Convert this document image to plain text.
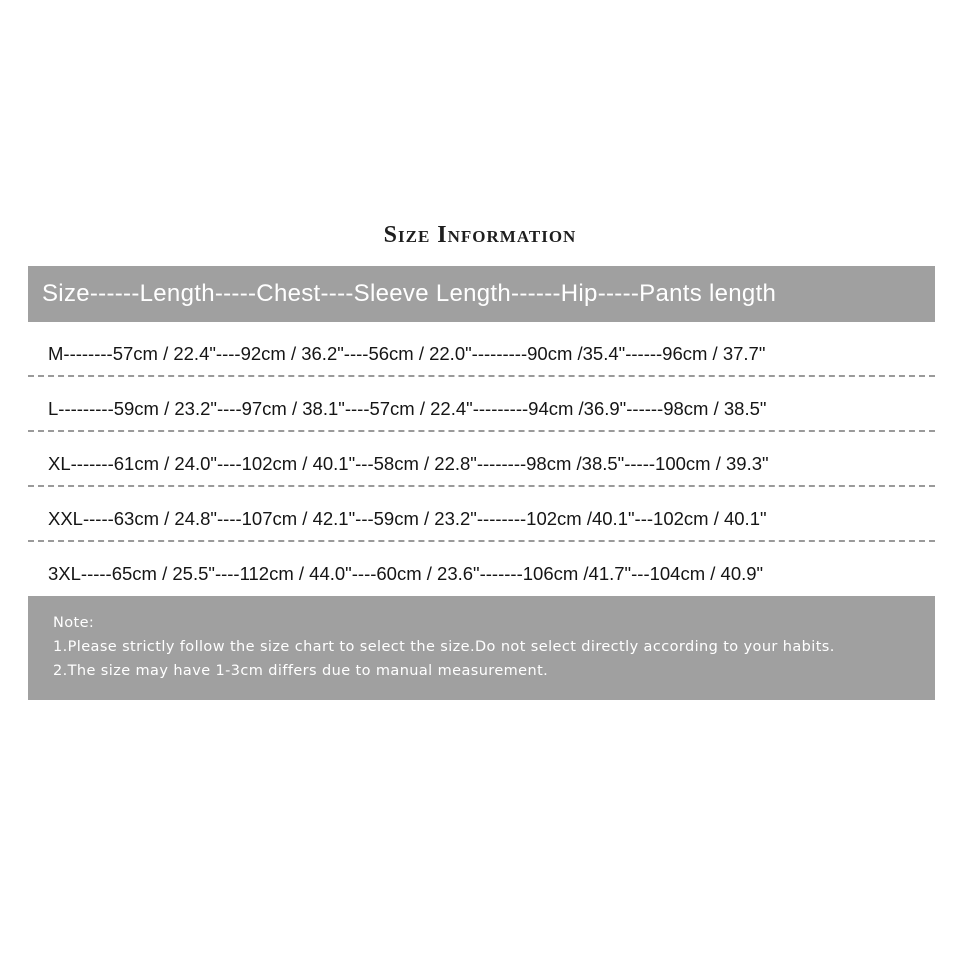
Size Information
Size------Length-----Chest----Sleeve Length------Hip-----Pants length
M--------57cm / 22.4"----92cm / 36.2"----56cm / 22.0"---------90cm /35.4"------96cm / 37.7"
L---------59cm / 23.2"----97cm / 38.1"----57cm / 22.4"---------94cm /36.9"------98cm / 38.5"
XL-------61cm / 24.0"----102cm / 40.1"---58cm / 22.8"--------98cm /38.5"-----100cm / 39.3"
XXL-----63cm / 24.8"----107cm / 42.1"---59cm / 23.2"--------102cm /40.1"---102cm / 40.1"
3XL-----65cm / 25.5"----112cm / 44.0"----60cm / 23.6"-------106cm /41.7"---104cm / 40.9"
Note:
1.Please strictly follow the size chart to select the size.Do not select directly according to your habits.
2.The size may have 1-3cm differs due to manual measurement.
